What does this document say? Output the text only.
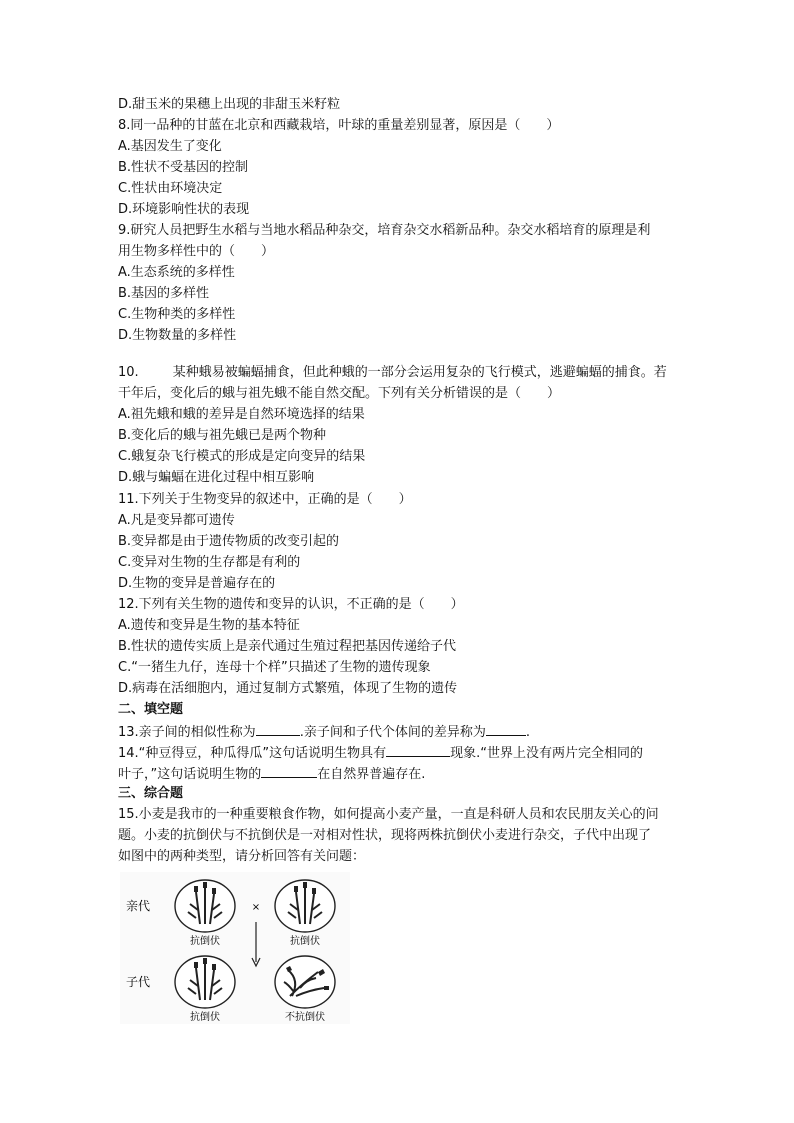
D.甜玉米的果穗上出现的非甜玉米籽粒
8.同一品种的甘蓝在北京和西藏栽培，叶球的重量差别显著，原因是（　　）
A.基因发生了变化
B.性状不受基因的控制
C.性状由环境决定
D.环境影响性状的表现
9.研究人员把野生水稻与当地水稻品种杂交，培育杂交水稻新品种。杂交水稻培育的原理是利
用生物多样性中的（　　）
A.生态系统的多样性
B.基因的多样性
C.生物种类的多样性
D.生物数量的多样性
10.	某种蛾易被蝙蝠捕食，但此种蛾的一部分会运用复杂的飞行模式，逃避蝙蝠的捕食。若
干年后，变化后的蛾与祖先蛾不能自然交配。下列有关分析错误的是（　　）
A.祖先蛾和蛾的差异是自然环境选择的结果
B.变化后的蛾与祖先蛾已是两个物种
C.蛾复杂飞行模式的形成是定向变异的结果
D.蛾与蝙蝠在进化过程中相互影响
11.下列关于生物变异的叙述中，正确的是（　　）
A.凡是变异都可遗传
B.变异都是由于遗传物质的改变引起的
C.变异对生物的生存都是有利的
D.生物的变异是普遍存在的
12.下列有关生物的遗传和变异的认识，不正确的是（　　）
A.遗传和变异是生物的基本特征
B.性状的遗传实质上是亲代通过生殖过程把基因传递给子代
C.“一猪生九仔，连母十个样”只描述了生物的遗传现象
D.病毒在活细胞内，通过复制方式繁殖，体现了生物的遗传
二、填空题
13.亲子间的相似性称为	.亲子间和子代个体间的差异称为	.
14.“种豆得豆，种瓜得瓜”这句话说明生物具有	现象.“世界上没有两片完全相同的
叶子，”这句话说明生物的	在自然界普遍存在.
三、综合题
15.小麦是我市的一种重要粮食作物，如何提高小麦产量，一直是科研人员和农民朋友关心的问
题。小麦的抗倒伏与不抗倒伏是一对相对性状，现将两株抗倒伏小麦进行杂交，子代中出现了
如图中的两种类型，请分析回答有关问题：
亲代
子代
抗倒伏
×
抗倒伏
抗倒伏	不抗倒伏
